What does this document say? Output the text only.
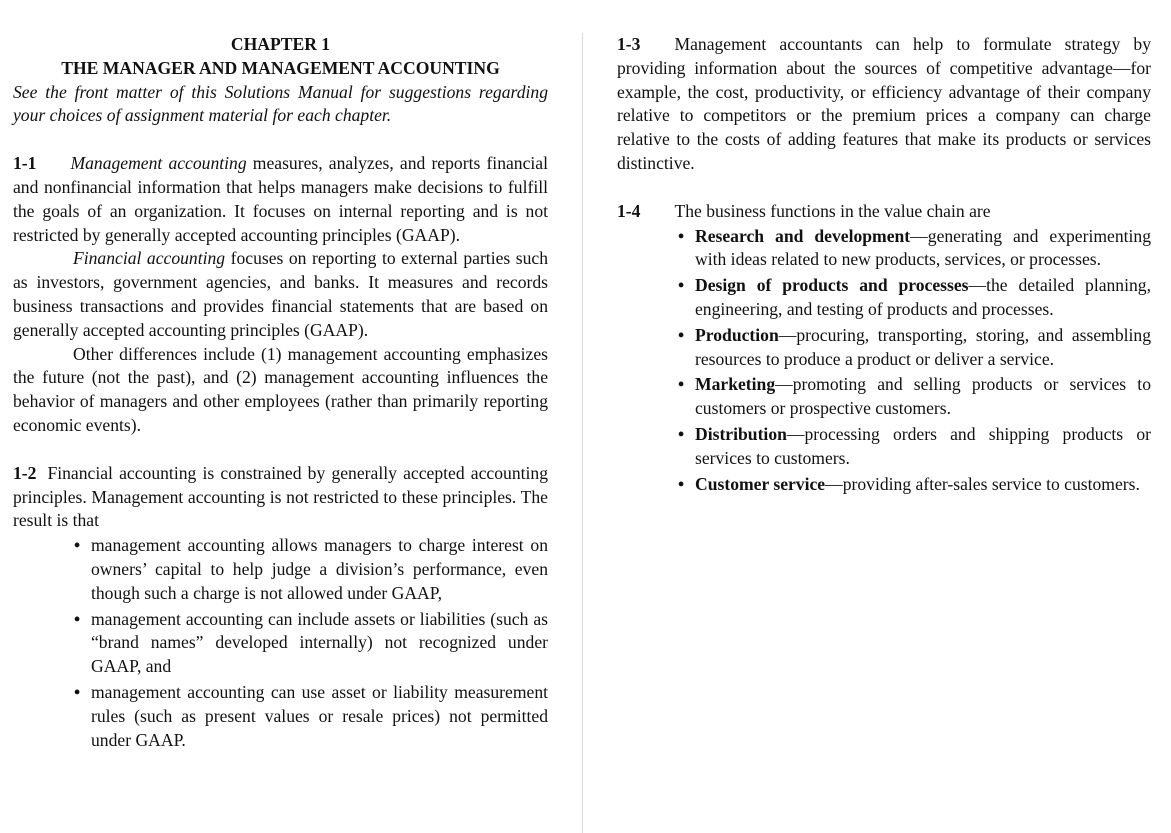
CHAPTER 1
THE MANAGER AND MANAGEMENT ACCOUNTING

See the front matter of this Solutions Manual for suggestions regarding your choices of assignment material for each chapter.

1-1 Management accounting measures, analyzes, and reports financial and nonfinancial information that helps managers make decisions to fulfill the goals of an organization. It focuses on internal reporting and is not restricted by generally accepted accounting principles (GAAP).

Financial accounting focuses on reporting to external parties such as investors, government agencies, and banks. It measures and records business transactions and provides financial statements that are based on generally accepted accounting principles (GAAP).

Other differences include (1) management accounting emphasizes the future (not the past), and (2) management accounting influences the behavior of managers and other employees (rather than primarily reporting economic events).

1-2 Financial accounting is constrained by generally accepted accounting principles. Management accounting is not restricted to these principles. The result is that

• management accounting allows managers to charge interest on owners’ capital to help judge a division’s performance, even though such a charge is not allowed under GAAP,
• management accounting can include assets or liabilities (such as “brand names” developed internally) not recognized under GAAP, and
• management accounting can use asset or liability measurement rules (such as present values or resale prices) not permitted under GAAP.

1-3 Management accountants can help to formulate strategy by providing information about the sources of competitive advantage—for example, the cost, productivity, or efficiency advantage of their company relative to competitors or the premium prices a company can charge relative to the costs of adding features that make its products or services distinctive.

1-4 The business functions in the value chain are

• Research and development—generating and experimenting with ideas related to new products, services, or processes.
• Design of products and processes—the detailed planning, engineering, and testing of products and processes.
• Production—procuring, transporting, storing, and assembling resources to produce a product or deliver a service.
• Marketing—promoting and selling products or services to customers or prospective customers.
• Distribution—processing orders and shipping products or services to customers.
• Customer service—providing after-sales service to customers.
